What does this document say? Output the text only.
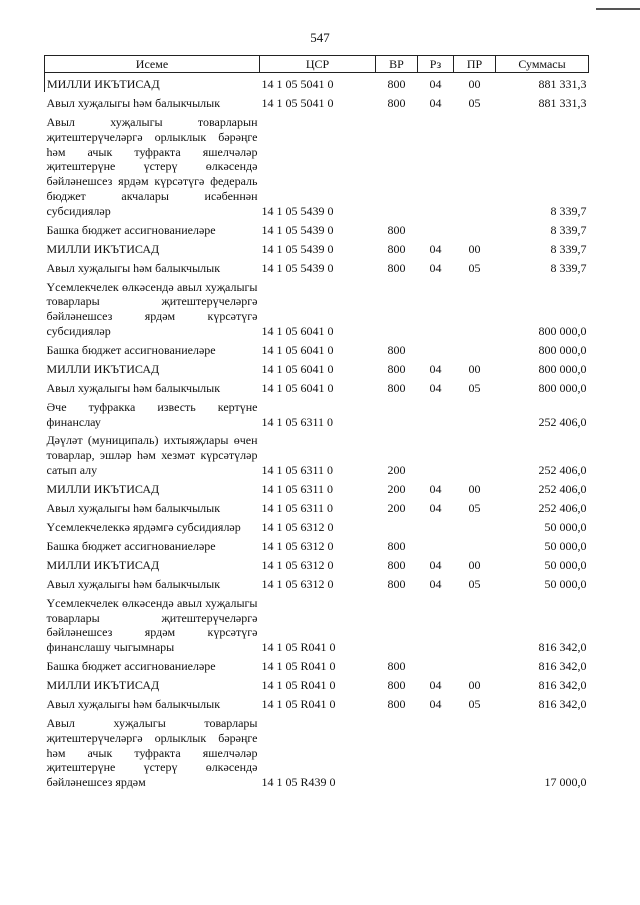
547
Исеме	ЦСР	ВР	Рз	ПР	Суммасы
МИЛЛИ ИКЪТИСАД	14 1 05 5041 0	800	04	00	881 331,3
Авыл хуҗалыгы һәм балыкчылык	14 1 05 5041 0	800	04	05	881 331,3
Авыл хуҗалыгы товарларын җитештерүчеләргә орлыклык бәрәңге һәм ачык туфракта яшелчәләр җитештерүне үстерү өлкәсендә бәйләнешсез ярдәм күрсәтүгә федераль бюджет акчалары исәбеннән субсидияләр	14 1 05 5439 0				8 339,7
Башка бюджет ассигнованиеләре	14 1 05 5439 0	800			8 339,7
МИЛЛИ ИКЪТИСАД	14 1 05 5439 0	800	04	00	8 339,7
Авыл хуҗалыгы һәм балыкчылык	14 1 05 5439 0	800	04	05	8 339,7
Үсемлекчелек өлкәсендә авыл хуҗалыгы товарлары җитештерүчеләргә бәйләнешсез ярдәм күрсәтүгә субсидияләр	14 1 05 6041 0				800 000,0
Башка бюджет ассигнованиеләре	14 1 05 6041 0	800			800 000,0
МИЛЛИ ИКЪТИСАД	14 1 05 6041 0	800	04	00	800 000,0
Авыл хуҗалыгы һәм балыкчылык	14 1 05 6041 0	800	04	05	800 000,0
Әче туфракка известь кертүне финанслау	14 1 05 6311 0				252 406,0
Дәүләт (муниципаль) ихтыяҗлары өчен товарлар, эшләр һәм хезмәт күрсәтүләр сатып алу	14 1 05 6311 0	200			252 406,0
МИЛЛИ ИКЪТИСАД	14 1 05 6311 0	200	04	00	252 406,0
Авыл хуҗалыгы һәм балыкчылык	14 1 05 6311 0	200	04	05	252 406,0
Үсемлекчелеккә ярдәмгә субсидияләр	14 1 05 6312 0				50 000,0
Башка бюджет ассигнованиеләре	14 1 05 6312 0	800			50 000,0
МИЛЛИ ИКЪТИСАД	14 1 05 6312 0	800	04	00	50 000,0
Авыл хуҗалыгы һәм балыкчылык	14 1 05 6312 0	800	04	05	50 000,0
Үсемлекчелек өлкәсендә авыл хуҗалыгы товарлары җитештерүчеләргә бәйләнешсез ярдәм күрсәтүгә финанслашу чыгымнары	14 1 05 R041 0				816 342,0
Башка бюджет ассигнованиеләре	14 1 05 R041 0	800			816 342,0
МИЛЛИ ИКЪТИСАД	14 1 05 R041 0	800	04	00	816 342,0
Авыл хуҗалыгы һәм балыкчылык	14 1 05 R041 0	800	04	05	816 342,0
Авыл хуҗалыгы товарлары җитештерүчеләргә орлыклык бәрәңге һәм ачык туфракта яшелчәләр җитештерүне үстерү өлкәсендә бәйләнешсез ярдәм	14 1 05 R439 0				17 000,0
